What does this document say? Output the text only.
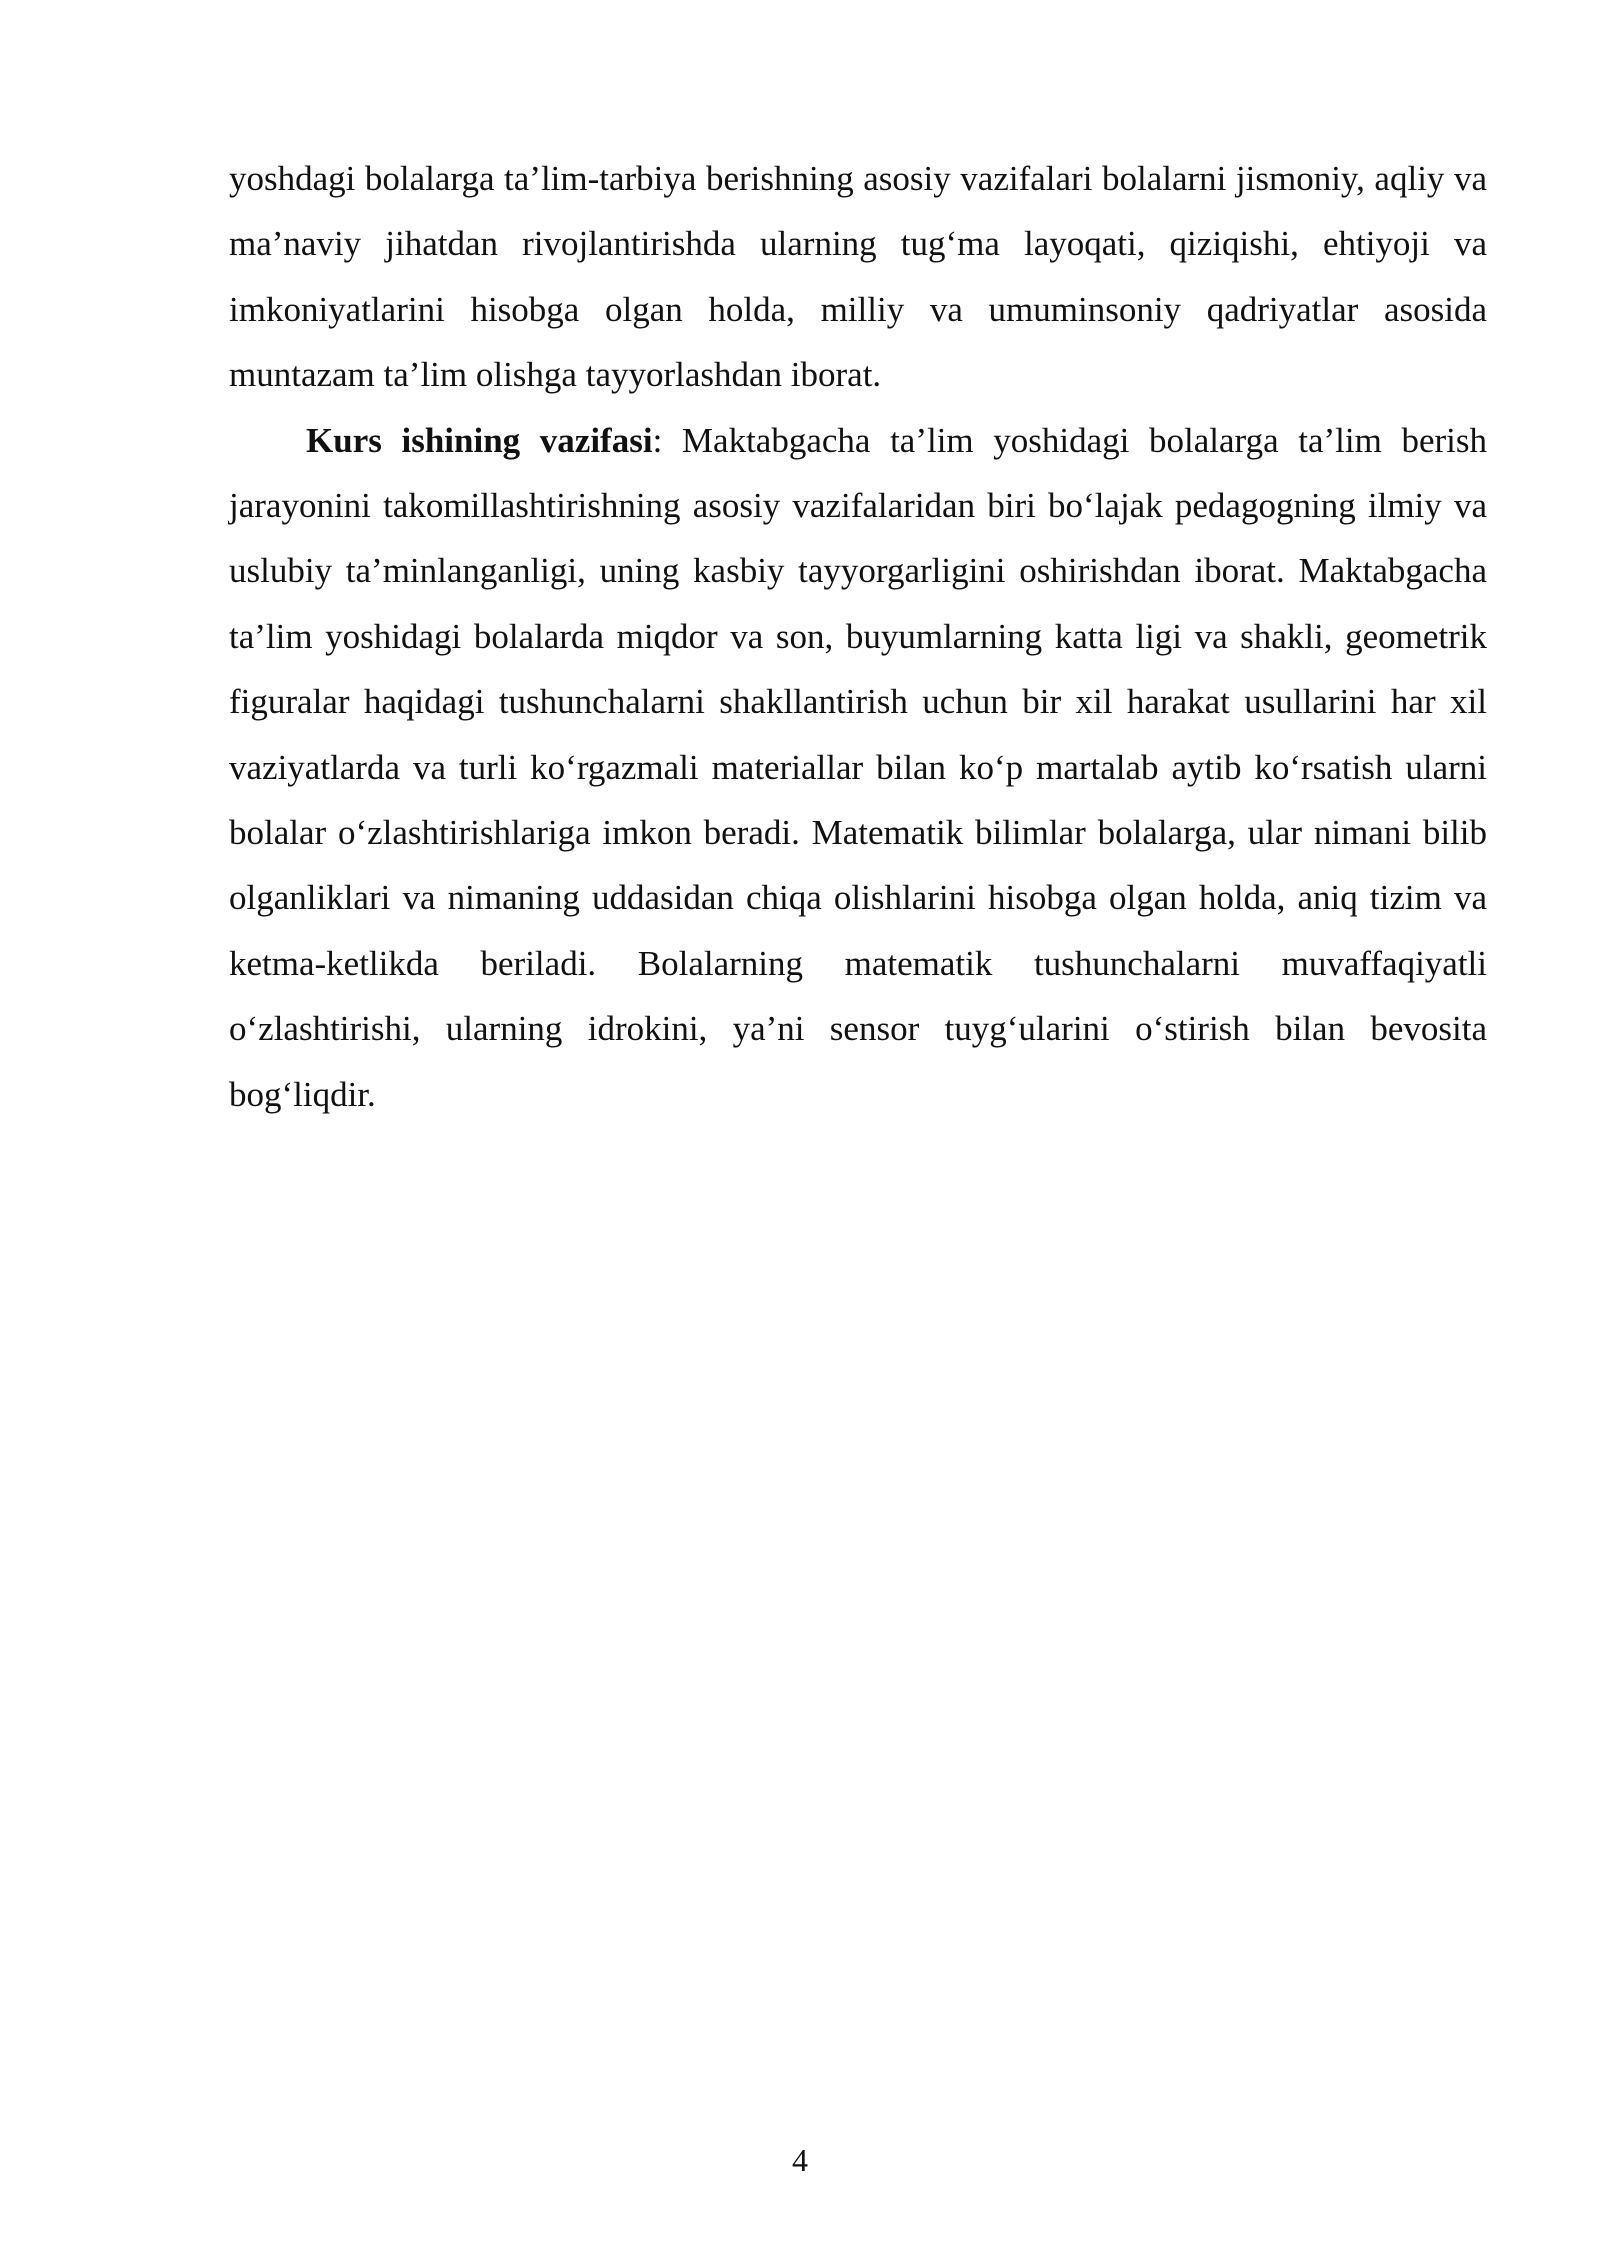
yoshdagi bolalarga ta’lim-tarbiya berishning asosiy vazifalari bolalarni jismoniy, aqliy va ma’naviy jihatdan rivojlantirishda ularning tug‘ma layoqati, qiziqishi, ehtiyoji va imkoniyatlarini hisobga olgan holda, milliy va umuminsoniy qadriyatlar asosida muntazam ta’lim olishga tayyorlashdan iborat.

Kurs ishining vazifasi: Maktabgacha ta’lim yoshidagi bolalarga ta’lim berish jarayonini takomillashtirishning asosiy vazifalaridan biri bo‘lajak pedagogning ilmiy va uslubiy ta’minlanganligi, uning kasbiy tayyorgarligini oshirishdan iborat. Maktabgacha ta’lim yoshidagi bolalarda miqdor va son, buyumlarning katta ligi va shakli, geometrik figuralar haqidagi tushunchalarni shakllantirish uchun bir xil harakat usullarini har xil vaziyatlarda va turli ko‘rgazmali materiallar bilan ko‘p martalab aytib ko‘rsatish ularni bolalar o‘zlashtirishlariga imkon beradi. Matematik bilimlar bolalarga, ular nimani bilib olganliklari va nimaning uddasidan chiqa olishlarini hisobga olgan holda, aniq tizim va ketma-ketlikda beriladi. Bolalarning matematik tushunchalarni muvaffaqiyatli o‘zlashtirishi, ularning idrokini, ya’ni sensor tuyg‘ularini o‘stirish bilan bevosita bog‘liqdir.

4
